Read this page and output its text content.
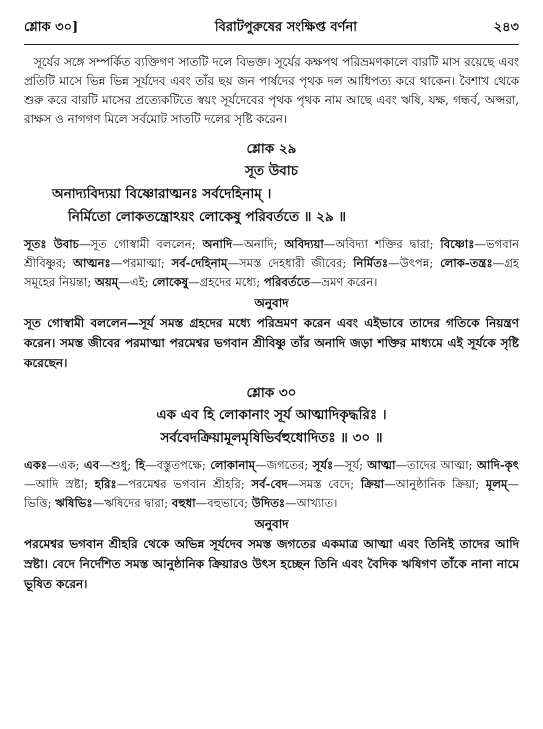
শ্লোক ৩০]	বিরাটপুরুষের সংক্ষিপ্ত বর্ণনা	২৪৩

সূর্যের সঙ্গে সম্পর্কিত ব্যক্তিগণ সাতটি দলে বিভক্ত। সূর্যের কক্ষপথ পরিভ্রমণকালে বারটি মাস রয়েছে এবং প্রতিটি মাসে ভিন্ন ভিন্ন সূর্যদেব এবং তাঁর ছয় জন পার্ষদের পৃথক দল আধিপত্য করে থাকেন। বৈশাখ থেকে শুরু করে বারটি মাসের প্রত্যেকটিতে স্বয়ং সূর্যদেবের পৃথক পৃথক নাম আছে এবং ঋষি, যক্ষ, গন্ধর্ব, অপ্সরা, রাক্ষস ও নাগগণ মিলে সর্বমোট সাতটি দলের সৃষ্টি করেন।

শ্লোক ২৯
সূত উবাচ
অনাদ্যবিদ্যয়া বিষ্ণোরাত্মনঃ সর্বদেহিনাম্ ।
নির্মিতো লোকতন্ত্রোঽয়ং লোকেষু পরিবর্ততে ॥ ২৯ ॥
সূতঃ উবাচ—সূত গোস্বামী বললেন; অনাদি—অনাদি; অবিদ্যয়া—অবিদ্যা শক্তির দ্বারা; বিষ্ণোঃ—ভগবান শ্রীবিষ্ণুর; আত্মনঃ—পরমাত্মা; সর্ব-দেহিনাম্—সমস্ত দেহধারী জীবের; নির্মিতঃ—উৎপন্ন; লোক-তন্ত্রঃ—গ্রহ সমূহের নিয়ন্তা; অয়ম্—এই; লোকেষু—গ্রহদের মধ্যে; পরিবর্ততে—ভ্রমণ করেন।
অনুবাদ
সূত গোস্বামী বললেন—সূর্য সমস্ত গ্রহদের মধ্যে পরিভ্রমণ করেন এবং এইভাবে তাদের গতিকে নিয়ন্ত্রণ করেন। সমস্ত জীবের পরমাত্মা পরমেশ্বর ভগবান শ্রীবিষ্ণু তাঁর অনাদি জড়া শক্তির মাধ্যমে এই সূর্যকে সৃষ্টি করেছেন।
শ্লোক ৩০
এক এব হি লোকানাং সূর্য আত্মাদিকৃদ্ধরিঃ ।
সর্ববেদক্রিয়ামূলমৃষিভির্বহুধোদিতঃ ॥ ৩০ ॥
একঃ—এক; এব—শুধু; হি—বস্তুতপক্ষে; লোকানাম্—জগতের; সূর্যঃ—সূর্য; আত্মা—তাদের আত্মা; আদি-কৃৎ—আদি স্রষ্টা; হরিঃ—পরমেশ্বর ভগবান শ্রীহরি; সর্ব-বেদ—সমস্ত বেদে; ক্রিয়া—আনুষ্ঠানিক ক্রিয়া; মূলম্—ভিত্তি; ঋষিভিঃ—ঋষিদের দ্বারা; বহুধা—বহুভাবে; উদিতঃ—আখ্যাত।
অনুবাদ
পরমেশ্বর ভগবান শ্রীহরি থেকে অভিন্ন সূর্যদেব সমস্ত জগতের একমাত্র আত্মা এবং তিনিই তাদের আদি স্রষ্টা। বেদে নির্দেশিত সমস্ত আনুষ্ঠানিক ক্রিয়ারও উৎস হচ্ছেন তিনি এবং বৈদিক ঋষিগণ তাঁকে নানা নামে ভূষিত করেন।
